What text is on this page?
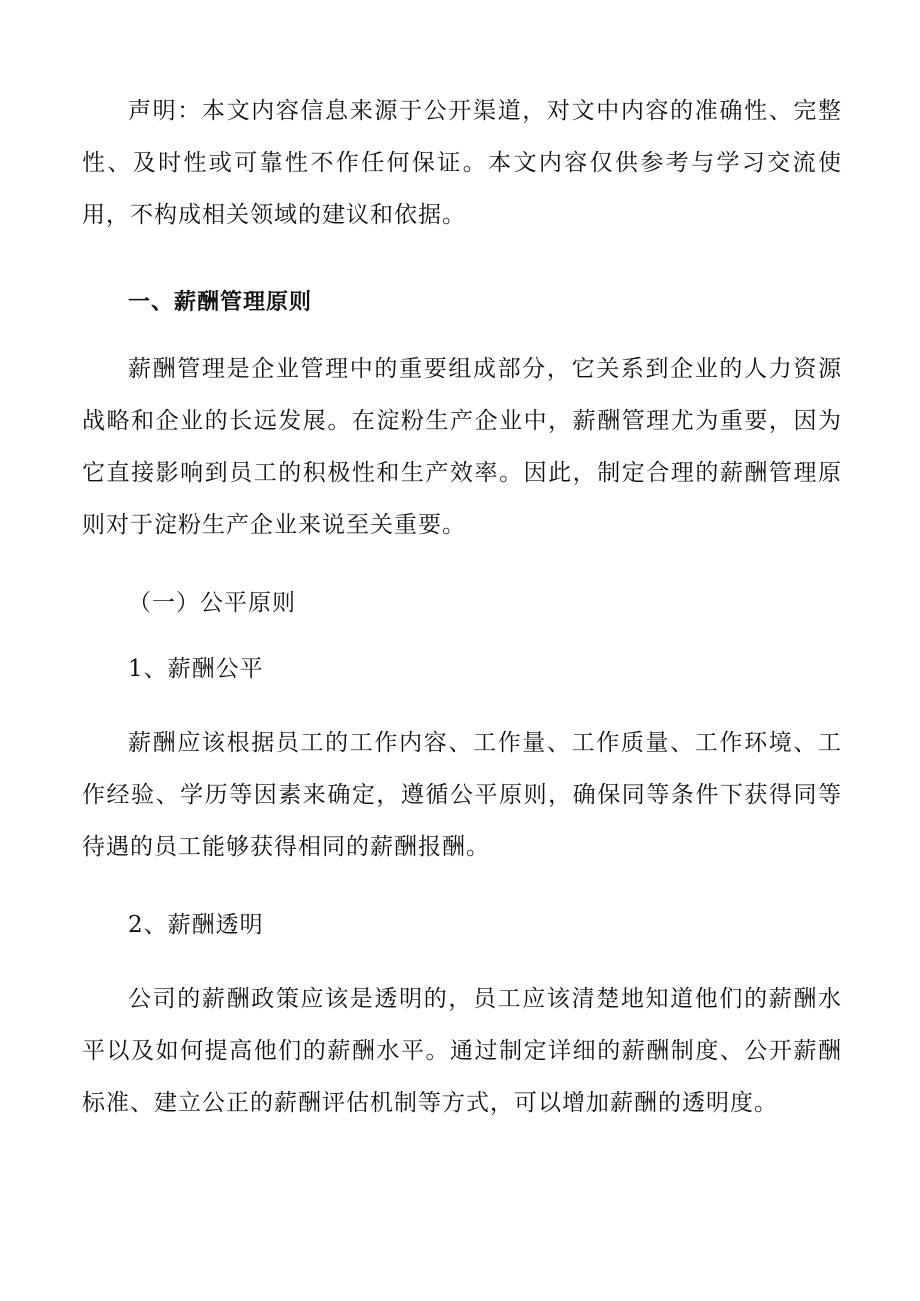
声明：本文内容信息来源于公开渠道，对文中内容的准确性、完整性、及时性或可靠性不作任何保证。本文内容仅供参考与学习交流使用，不构成相关领域的建议和依据。

一、薪酬管理原则

薪酬管理是企业管理中的重要组成部分，它关系到企业的人力资源战略和企业的长远发展。在淀粉生产企业中，薪酬管理尤为重要，因为它直接影响到员工的积极性和生产效率。因此，制定合理的薪酬管理原则对于淀粉生产企业来说至关重要。

（一）公平原则

1、薪酬公平

薪酬应该根据员工的工作内容、工作量、工作质量、工作环境、工作经验、学历等因素来确定，遵循公平原则，确保同等条件下获得同等待遇的员工能够获得相同的薪酬报酬。

2、薪酬透明

公司的薪酬政策应该是透明的，员工应该清楚地知道他们的薪酬水平以及如何提高他们的薪酬水平。通过制定详细的薪酬制度、公开薪酬标准、建立公正的薪酬评估机制等方式，可以增加薪酬的透明度。
